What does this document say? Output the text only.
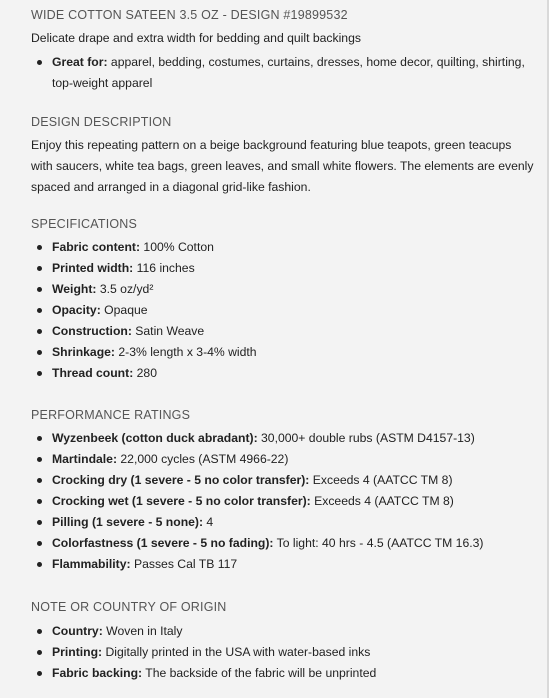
WIDE COTTON SATEEN 3.5 OZ - DESIGN #19899532
Delicate drape and extra width for bedding and quilt backings
Great for: apparel, bedding, costumes, curtains, dresses, home decor, quilting, shirting, top-weight apparel
DESIGN DESCRIPTION
Enjoy this repeating pattern on a beige background featuring blue teapots, green teacups with saucers, white tea bags, green leaves, and small white flowers. The elements are evenly spaced and arranged in a diagonal grid-like fashion.
SPECIFICATIONS
Fabric content: 100% Cotton
Printed width: 116 inches
Weight: 3.5 oz/yd²
Opacity: Opaque
Construction: Satin Weave
Shrinkage: 2-3% length x 3-4% width
Thread count: 280
PERFORMANCE RATINGS
Wyzenbeek (cotton duck abradant): 30,000+ double rubs (ASTM D4157-13)
Martindale: 22,000 cycles (ASTM 4966-22)
Crocking dry (1 severe - 5 no color transfer): Exceeds 4 (AATCC TM 8)
Crocking wet (1 severe - 5 no color transfer): Exceeds 4 (AATCC TM 8)
Pilling (1 severe - 5 none): 4
Colorfastness (1 severe - 5 no fading): To light: 40 hrs - 4.5 (AATCC TM 16.3)
Flammability: Passes Cal TB 117
NOTE OR COUNTRY OF ORIGIN
Country: Woven in Italy
Printing: Digitally printed in the USA with water-based inks
Fabric backing: The backside of the fabric will be unprinted
